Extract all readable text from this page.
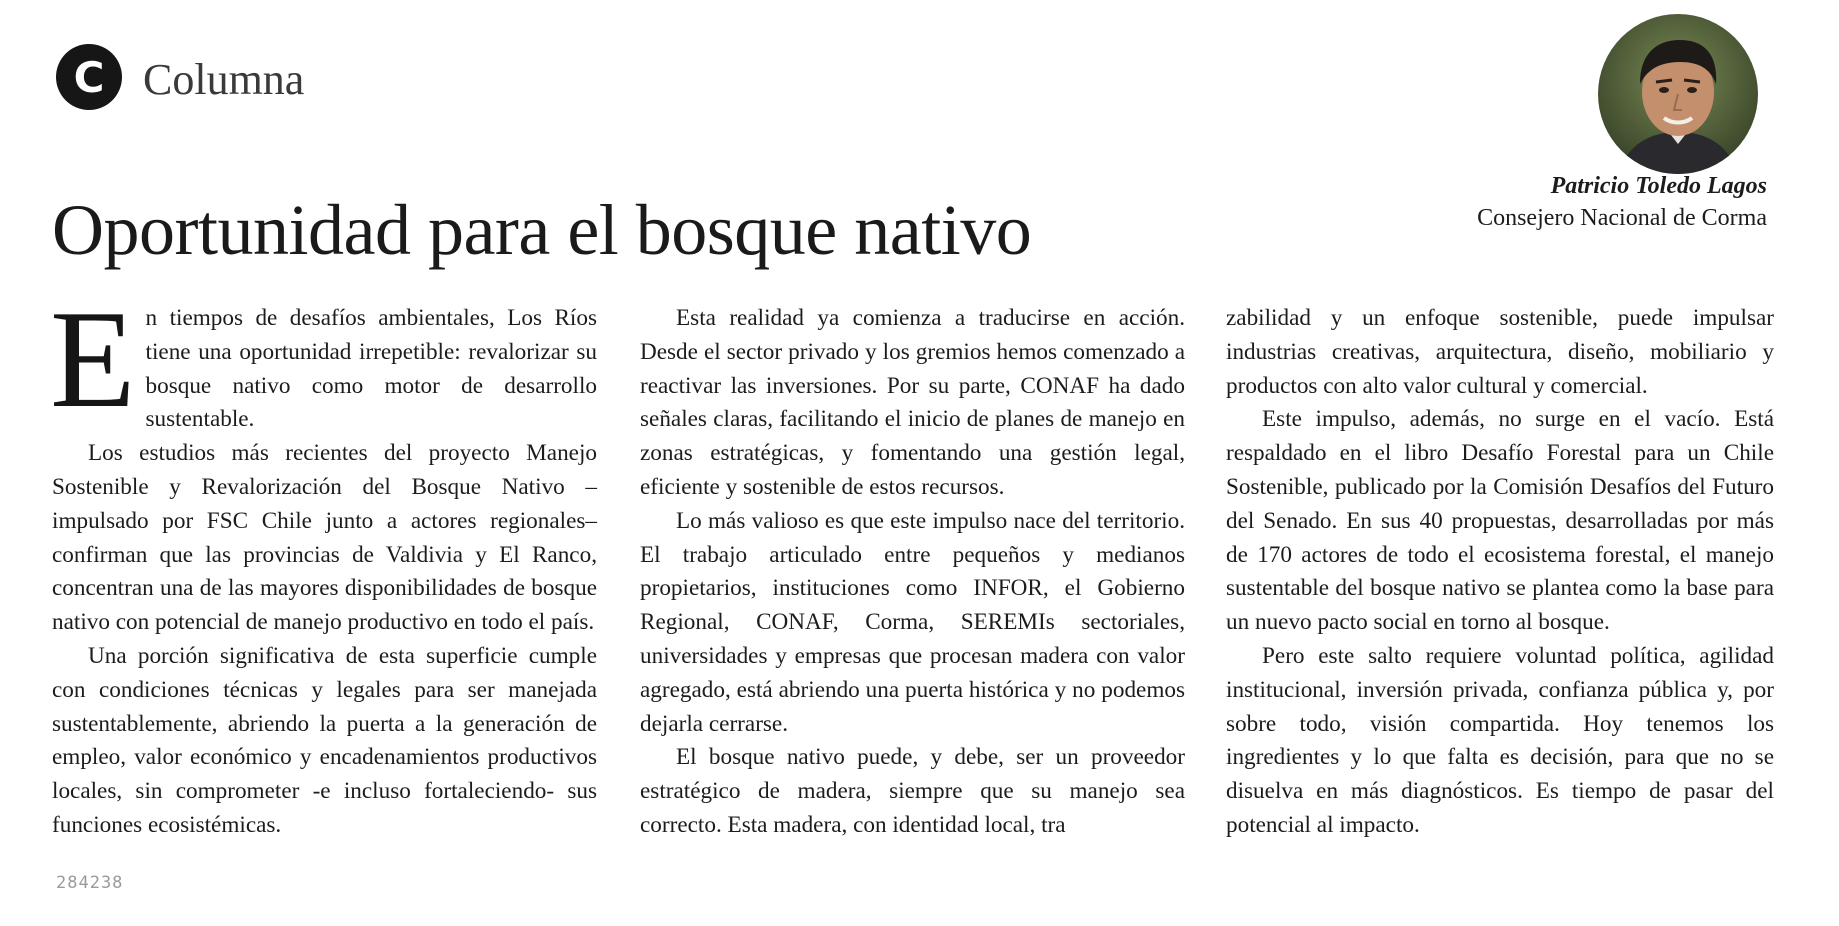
C Columna
Oportunidad para el bosque nativo
Patricio Toledo Lagos
Consejero Nacional de Corma

En tiempos de desafíos ambientales, Los Ríos tiene una oportunidad irrepetible: revalorizar su bosque nativo como motor de desarrollo sustentable.

Los estudios más recientes del proyecto Manejo Sostenible y Revalorización del Bosque Nativo –impulsado por FSC Chile junto a actores regionales– confirman que las provincias de Valdivia y El Ranco, concentran una de las mayores disponibilidades de bosque nativo con potencial de manejo productivo en todo el país.

Una porción significativa de esta superficie cumple con condiciones técnicas y legales para ser manejada sustentablemente, abriendo la puerta a la generación de empleo, valor económico y encadenamientos productivos locales, sin comprometer -e incluso fortaleciendo- sus funciones ecosistémicas.

Esta realidad ya comienza a traducirse en acción. Desde el sector privado y los gremios hemos comenzado a reactivar las inversiones. Por su parte, CONAF ha dado señales claras, facilitando el inicio de planes de manejo en zonas estratégicas, y fomentando una gestión legal, eficiente y sostenible de estos recursos.

Lo más valioso es que este impulso nace del territorio. El trabajo articulado entre pequeños y medianos propietarios, instituciones como INFOR, el Gobierno Regional, CONAF, Corma, SEREMIs sectoriales, universidades y empresas que procesan madera con valor agregado, está abriendo una puerta histórica y no podemos dejarla cerrarse.

El bosque nativo puede, y debe, ser un proveedor estratégico de madera, siempre que su manejo sea correcto. Esta madera, con identidad local, tra

zabilidad y un enfoque sostenible, puede impulsar industrias creativas, arquitectura, diseño, mobiliario y productos con alto valor cultural y comercial.

Este impulso, además, no surge en el vacío. Está respaldado en el libro Desafío Forestal para un Chile Sostenible, publicado por la Comisión Desafíos del Futuro del Senado. En sus 40 propuestas, desarrolladas por más de 170 actores de todo el ecosistema forestal, el manejo sustentable del bosque nativo se plantea como la base para un nuevo pacto social en torno al bosque.

Pero este salto requiere voluntad política, agilidad institucional, inversión privada, confianza pública y, por sobre todo, visión compartida. Hoy tenemos los ingredientes y lo que falta es decisión, para que no se disuelva en más diagnósticos. Es tiempo de pasar del potencial al impacto.

284238
